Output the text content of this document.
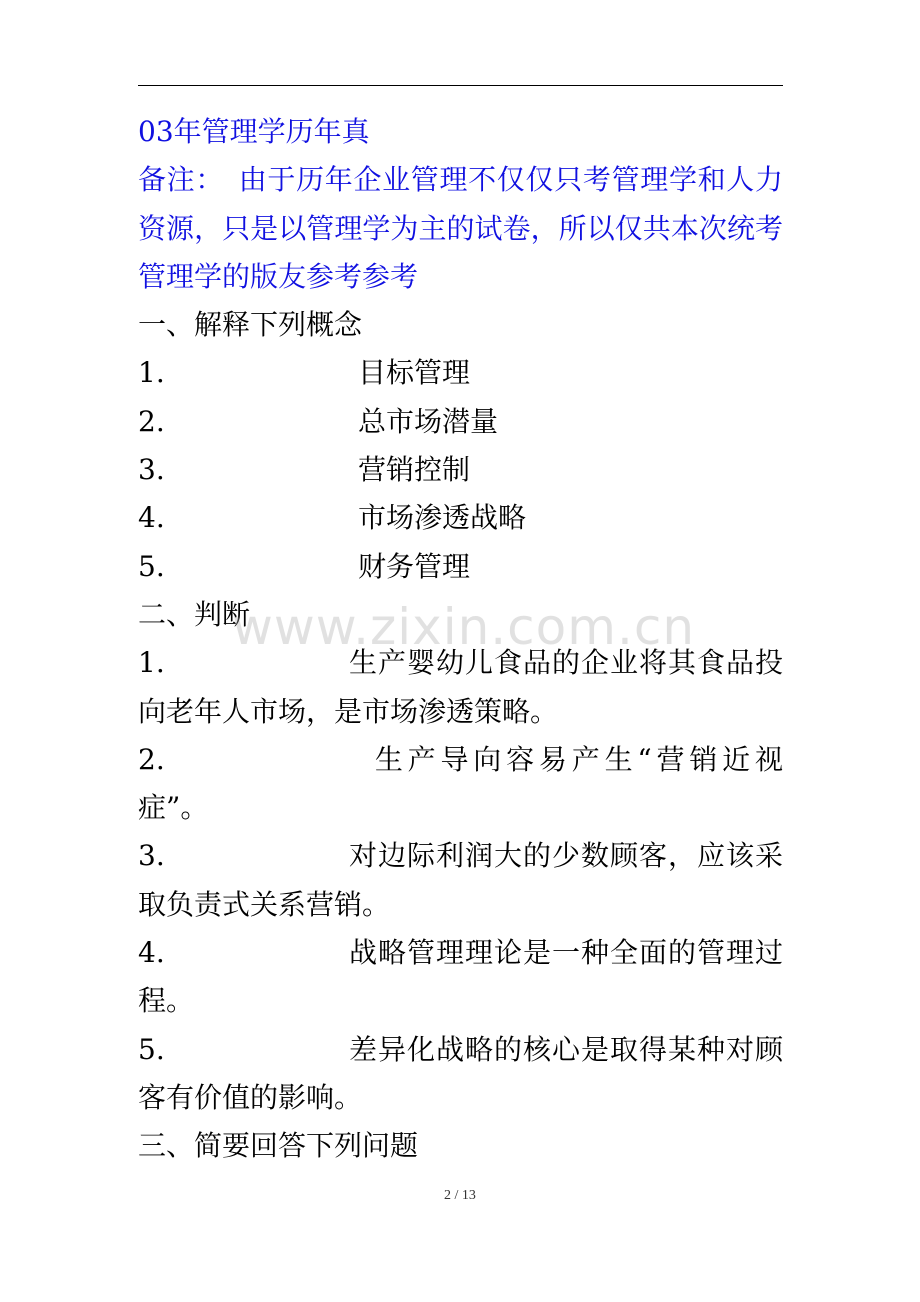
03年管理学历年真

备注：　由于历年企业管理不仅仅只考管理学和人力资源，只是以管理学为主的试卷，所以仅共本次统考管理学的版友参考参考

一、解释下列概念
1.	目标管理
2.	总市场潜量
3.	营销控制
4.	市场渗透战略
5.	财务管理
二、判断

1.	生产婴幼儿食品的企业将其食品投向老年人市场，是市场渗透策略。

2.	生产导向容易产生“营销近视症”。

3.	对边际利润大的少数顾客，应该采取负责式关系营销。

4.	战略管理理论是一种全面的管理过程。

5.	差异化战略的核心是取得某种对顾客有价值的影响。

三、简要回答下列问题
www.zixin.com.cn
2 / 13
